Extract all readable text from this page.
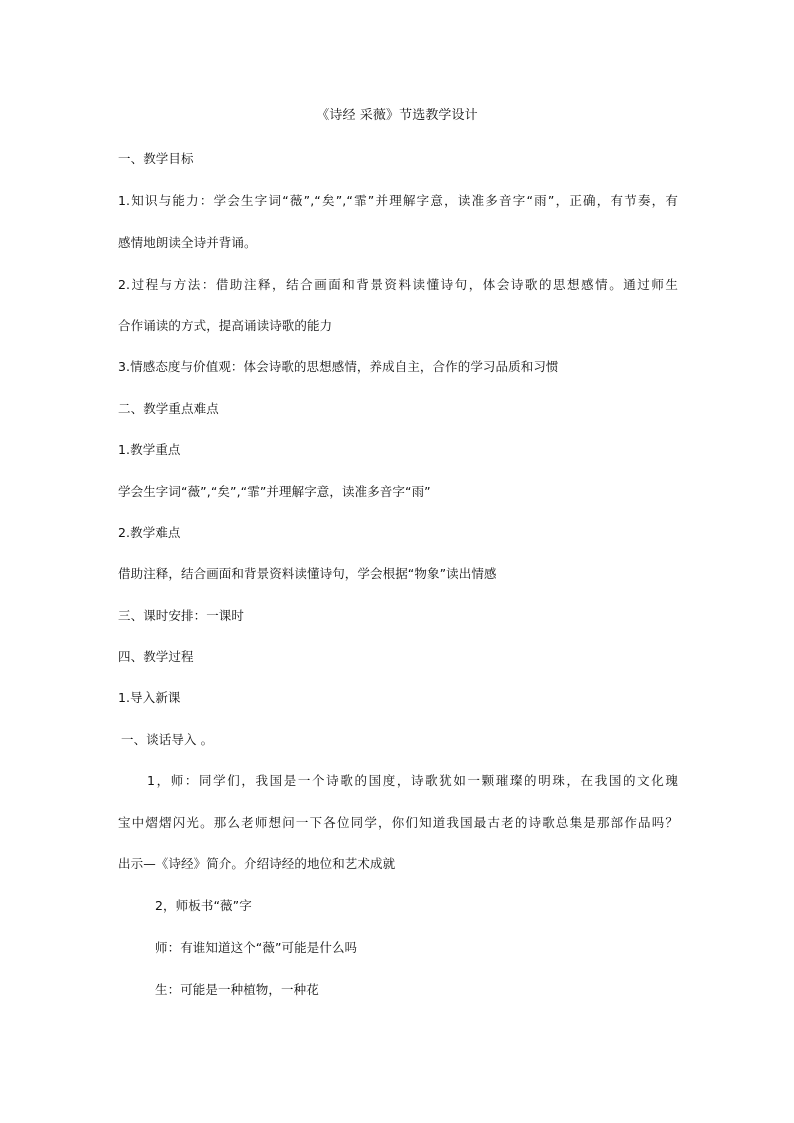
《诗经 采薇》节选教学设计
一、教学目标
1.知识与能力：学会生字词“薇”,“矣”,“霏”并理解字意，读准多音字“雨”，正确，有节奏，有
感情地朗读全诗并背诵。
2.过程与方法：借助注释，结合画面和背景资料读懂诗句，体会诗歌的思想感情。通过师生
合作诵读的方式，提高诵读诗歌的能力
3.情感态度与价值观：体会诗歌的思想感情，养成自主，合作的学习品质和习惯
二、教学重点难点
1.教学重点
学会生字词“薇”,“矣”,“霏”并理解字意，读准多音字“雨”
2.教学难点
借助注释，结合画面和背景资料读懂诗句，学会根据“物象”读出情感
三、课时安排：一课时
四、教学过程
1.导入新课
一、谈话导入 。
1，师：同学们，我国是一个诗歌的国度，诗歌犹如一颗璀璨的明珠，在我国的文化瑰
宝中熠熠闪光。那么老师想问一下各位同学，你们知道我国最古老的诗歌总集是那部作品吗？
出示—《诗经》简介。介绍诗经的地位和艺术成就
2，师板书“薇”字
师：有谁知道这个“薇”可能是什么吗
生：可能是一种植物，一种花
